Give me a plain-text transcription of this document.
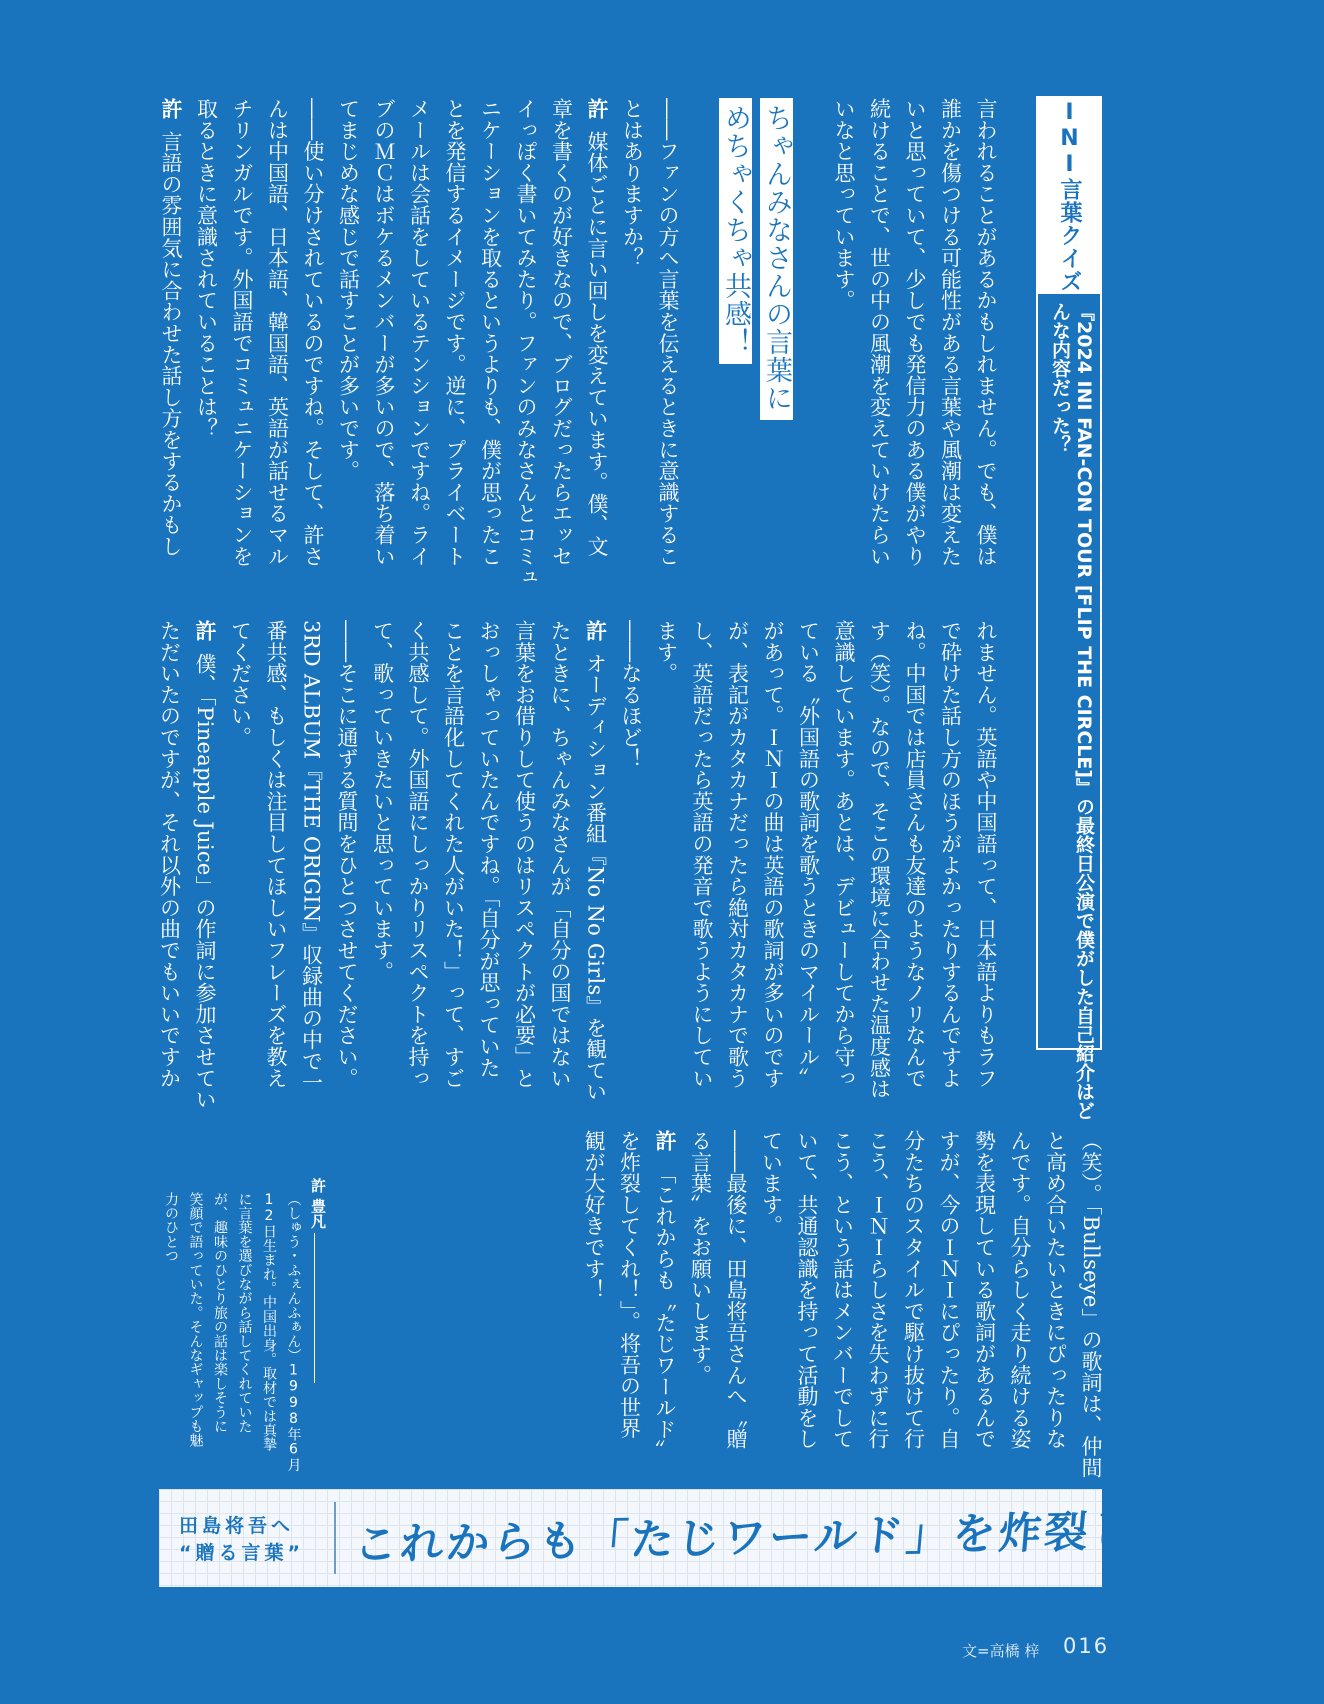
INI言葉クイズ
『2024 INI FAN-CON TOUR [FLIP THE CIRCLE]』の最終日公演で僕がした自己紹介はど
んな内容だった？
言われることがあるかもしれません。でも、僕は
誰かを傷つける可能性がある言葉や風潮は変えた
いと思っていて、少しでも発信力のある僕がやり
続けることで、世の中の風潮を変えていけたらい
いなと思っています。
ちゃんみなさんの言葉に
めちゃくちゃ共感！
――ファンの方へ言葉を伝えるときに意識するこ
とはありますか？
許媒体ごとに言い回しを変えています。僕、文
章を書くのが好きなので、ブログだったらエッセ
イっぽく書いてみたり。ファンのみなさんとコミュ
ニケーションを取るというよりも、僕が思ったこ
とを発信するイメージです。逆に、プライベート
メールは会話をしているテンションですね。ライ
ブのＭＣはボケるメンバーが多いので、落ち着い
てまじめな感じで話すことが多いです。
――使い分けされているのですね。そして、許さ
んは中国語、日本語、韓国語、英語が話せるマル
チリンガルです。外国語でコミュニケーションを
取るときに意識されていることは？
許言語の雰囲気に合わせた話し方をするかもし
れません。英語や中国語って、日本語よりもラフ
で砕けた話し方のほうがよかったりするんですよ
ね。中国では店員さんも友達のようなノリなんで
す（笑）。なので、そこの環境に合わせた温度感は
意識しています。あとは、デビューしてから守っ
ている〝外国語の歌詞を歌うときのマイルール〟
があって。ＩＮＩの曲は英語の歌詞が多いのです
が、表記がカタカナだったら絶対カタカナで歌う
し、英語だったら英語の発音で歌うようにしてい
ます。
――なるほど！
許オーディション番組『No No Girls』を観てい
たときに、ちゃんみなさんが「自分の国ではない
言葉をお借りして使うのはリスペクトが必要」と
おっしゃっていたんですね。「自分が思っていた
ことを言語化してくれた人がいた！」って、すご
く共感して。外国語にしっかりリスペクトを持っ
て、歌っていきたいと思っています。
――そこに通ずる質問をひとつさせてください。
3RD ALBUM『THE ORIGIN』収録曲の中で一
番共感、もしくは注目してほしいフレーズを教え
てください。
許僕、「Pineapple Juice」の作詞に参加させてい
ただいたのですが、それ以外の曲でもいいですか
（笑）。「Bullseye」の歌詞は、仲間
と高め合いたいときにぴったりな
んです。自分らしく走り続ける姿
勢を表現している歌詞があるんで
すが、今のＩＮＩにぴったり。自
分たちのスタイルで駆け抜けて行
こう、ＩＮＩらしさを失わずに行
こう、という話はメンバーでして
いて、共通認識を持って活動をし
ています。
――最後に、田島将吾さんへ〝贈
る言葉〟をお願いします。
許「これからも〝たじワールド〟
を炸裂してくれ！」。将吾の世界
観が大好きです！
許 豊凡
（しゅう・ふぇんふぁん）1998年6月
12日生まれ。中国出身。取材では真摯
に言葉を選びながら話してくれていた
が、趣味のひとり旅の話は楽しそうに
笑顔で語っていた。そんなギャップも魅
力のひとつ
田島将吾へ
“贈る言葉” これからも「たじワールド」を炸裂してくれ！
文=高橋 梓 016
